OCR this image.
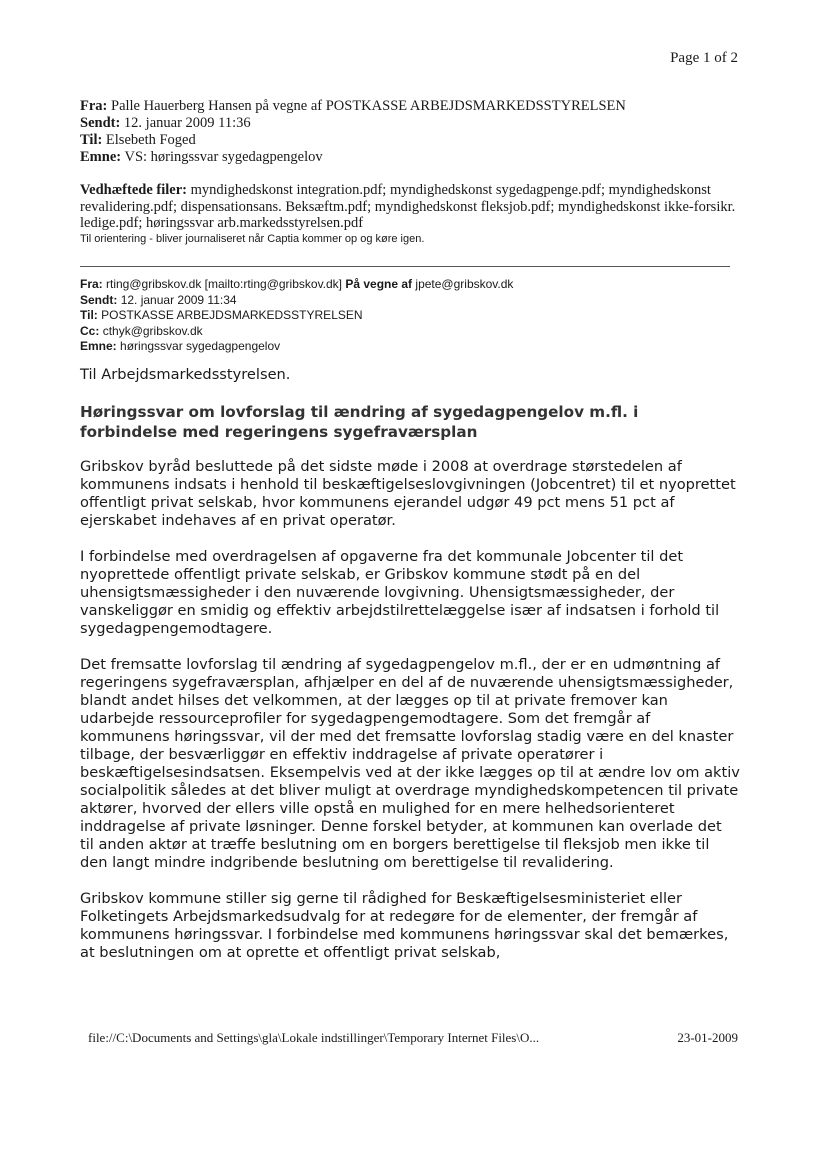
Page 1 of 2
Fra: Palle Hauerberg Hansen på vegne af POSTKASSE ARBEJDSMARKEDSSTYRELSEN
Sendt: 12. januar 2009 11:36
Til: Elsebeth Foged
Emne: VS: høringssvar sygedagpengelov
Vedhæftede filer: myndighedskonst integration.pdf; myndighedskonst sygedagpenge.pdf; myndighedskonst revalidering.pdf; dispensationsans. Beksæftm.pdf; myndighedskonst fleksjob.pdf; myndighedskonst ikke-forsikr. ledige.pdf; høringssvar arb.markedsstyrelsen.pdf
Til orientering - bliver journaliseret når Captia kommer op og køre igen.
Fra: rting@gribskov.dk [mailto:rting@gribskov.dk] På vegne af jpete@gribskov.dk
Sendt: 12. januar 2009 11:34
Til: POSTKASSE ARBEJDSMARKEDSSTYRELSEN
Cc: cthyk@gribskov.dk
Emne: høringssvar sygedagpengelov

Til Arbejdsmarkedsstyrelsen.

Høringssvar om lovforslag til ændring af sygedagpengelov m.fl. i forbindelse med regeringens sygefraværsplan

Gribskov byråd besluttede på det sidste møde i 2008 at overdrage størstedelen af kommunens indsats i henhold til beskæftigelseslovgivningen (Jobcentret) til et nyoprettet offentligt privat selskab, hvor kommunens ejerandel udgør 49 pct mens 51 pct af ejerskabet indehaves af en privat operatør.

I forbindelse med overdragelsen af opgaverne fra det kommunale Jobcenter til det nyoprettede offentligt private selskab, er Gribskov kommune stødt på en del uhensigtsmæssigheder i den nuværende lovgivning. Uhensigtsmæssigheder, der vanskeliggør en smidig og effektiv arbejdstilrettelæggelse især af indsatsen i forhold til sygedagpengemodtagere.

Det fremsatte lovforslag til ændring af sygedagpengelov m.fl., der er en udmøntning af regeringens sygefraværsplan, afhjælper en del af de nuværende uhensigtsmæssigheder, blandt andet hilses det velkommen, at der lægges op til at private fremover kan udarbejde ressourceprofiler for sygedagpengemodtagere. Som det fremgår af kommunens høringssvar, vil der med det fremsatte lovforslag stadig være en del knaster tilbage, der besværliggør en effektiv inddragelse af private operatører i beskæftigelsesindsatsen. Eksempelvis ved at der ikke lægges op til at ændre lov om aktiv socialpolitik således at det bliver muligt at overdrage myndighedskompetencen til private aktører, hvorved der ellers ville opstå en mulighed for en mere helhedsorienteret inddragelse af private løsninger. Denne forskel betyder, at kommunen kan overlade det til anden aktør at træffe beslutning om en borgers berettigelse til fleksjob men ikke til den langt mindre indgribende beslutning om berettigelse til revalidering.

Gribskov kommune stiller sig gerne til rådighed for Beskæftigelsesministeriet eller Folketingets Arbejdsmarkedsudvalg for at redegøre for de elementer, der fremgår af kommunens høringssvar. I forbindelse med kommunens høringssvar skal det bemærkes, at beslutningen om at oprette et offentligt privat selskab,

file://C:\Documents and Settings\gla\Lokale indstillinger\Temporary Internet Files\O...	23-01-2009
